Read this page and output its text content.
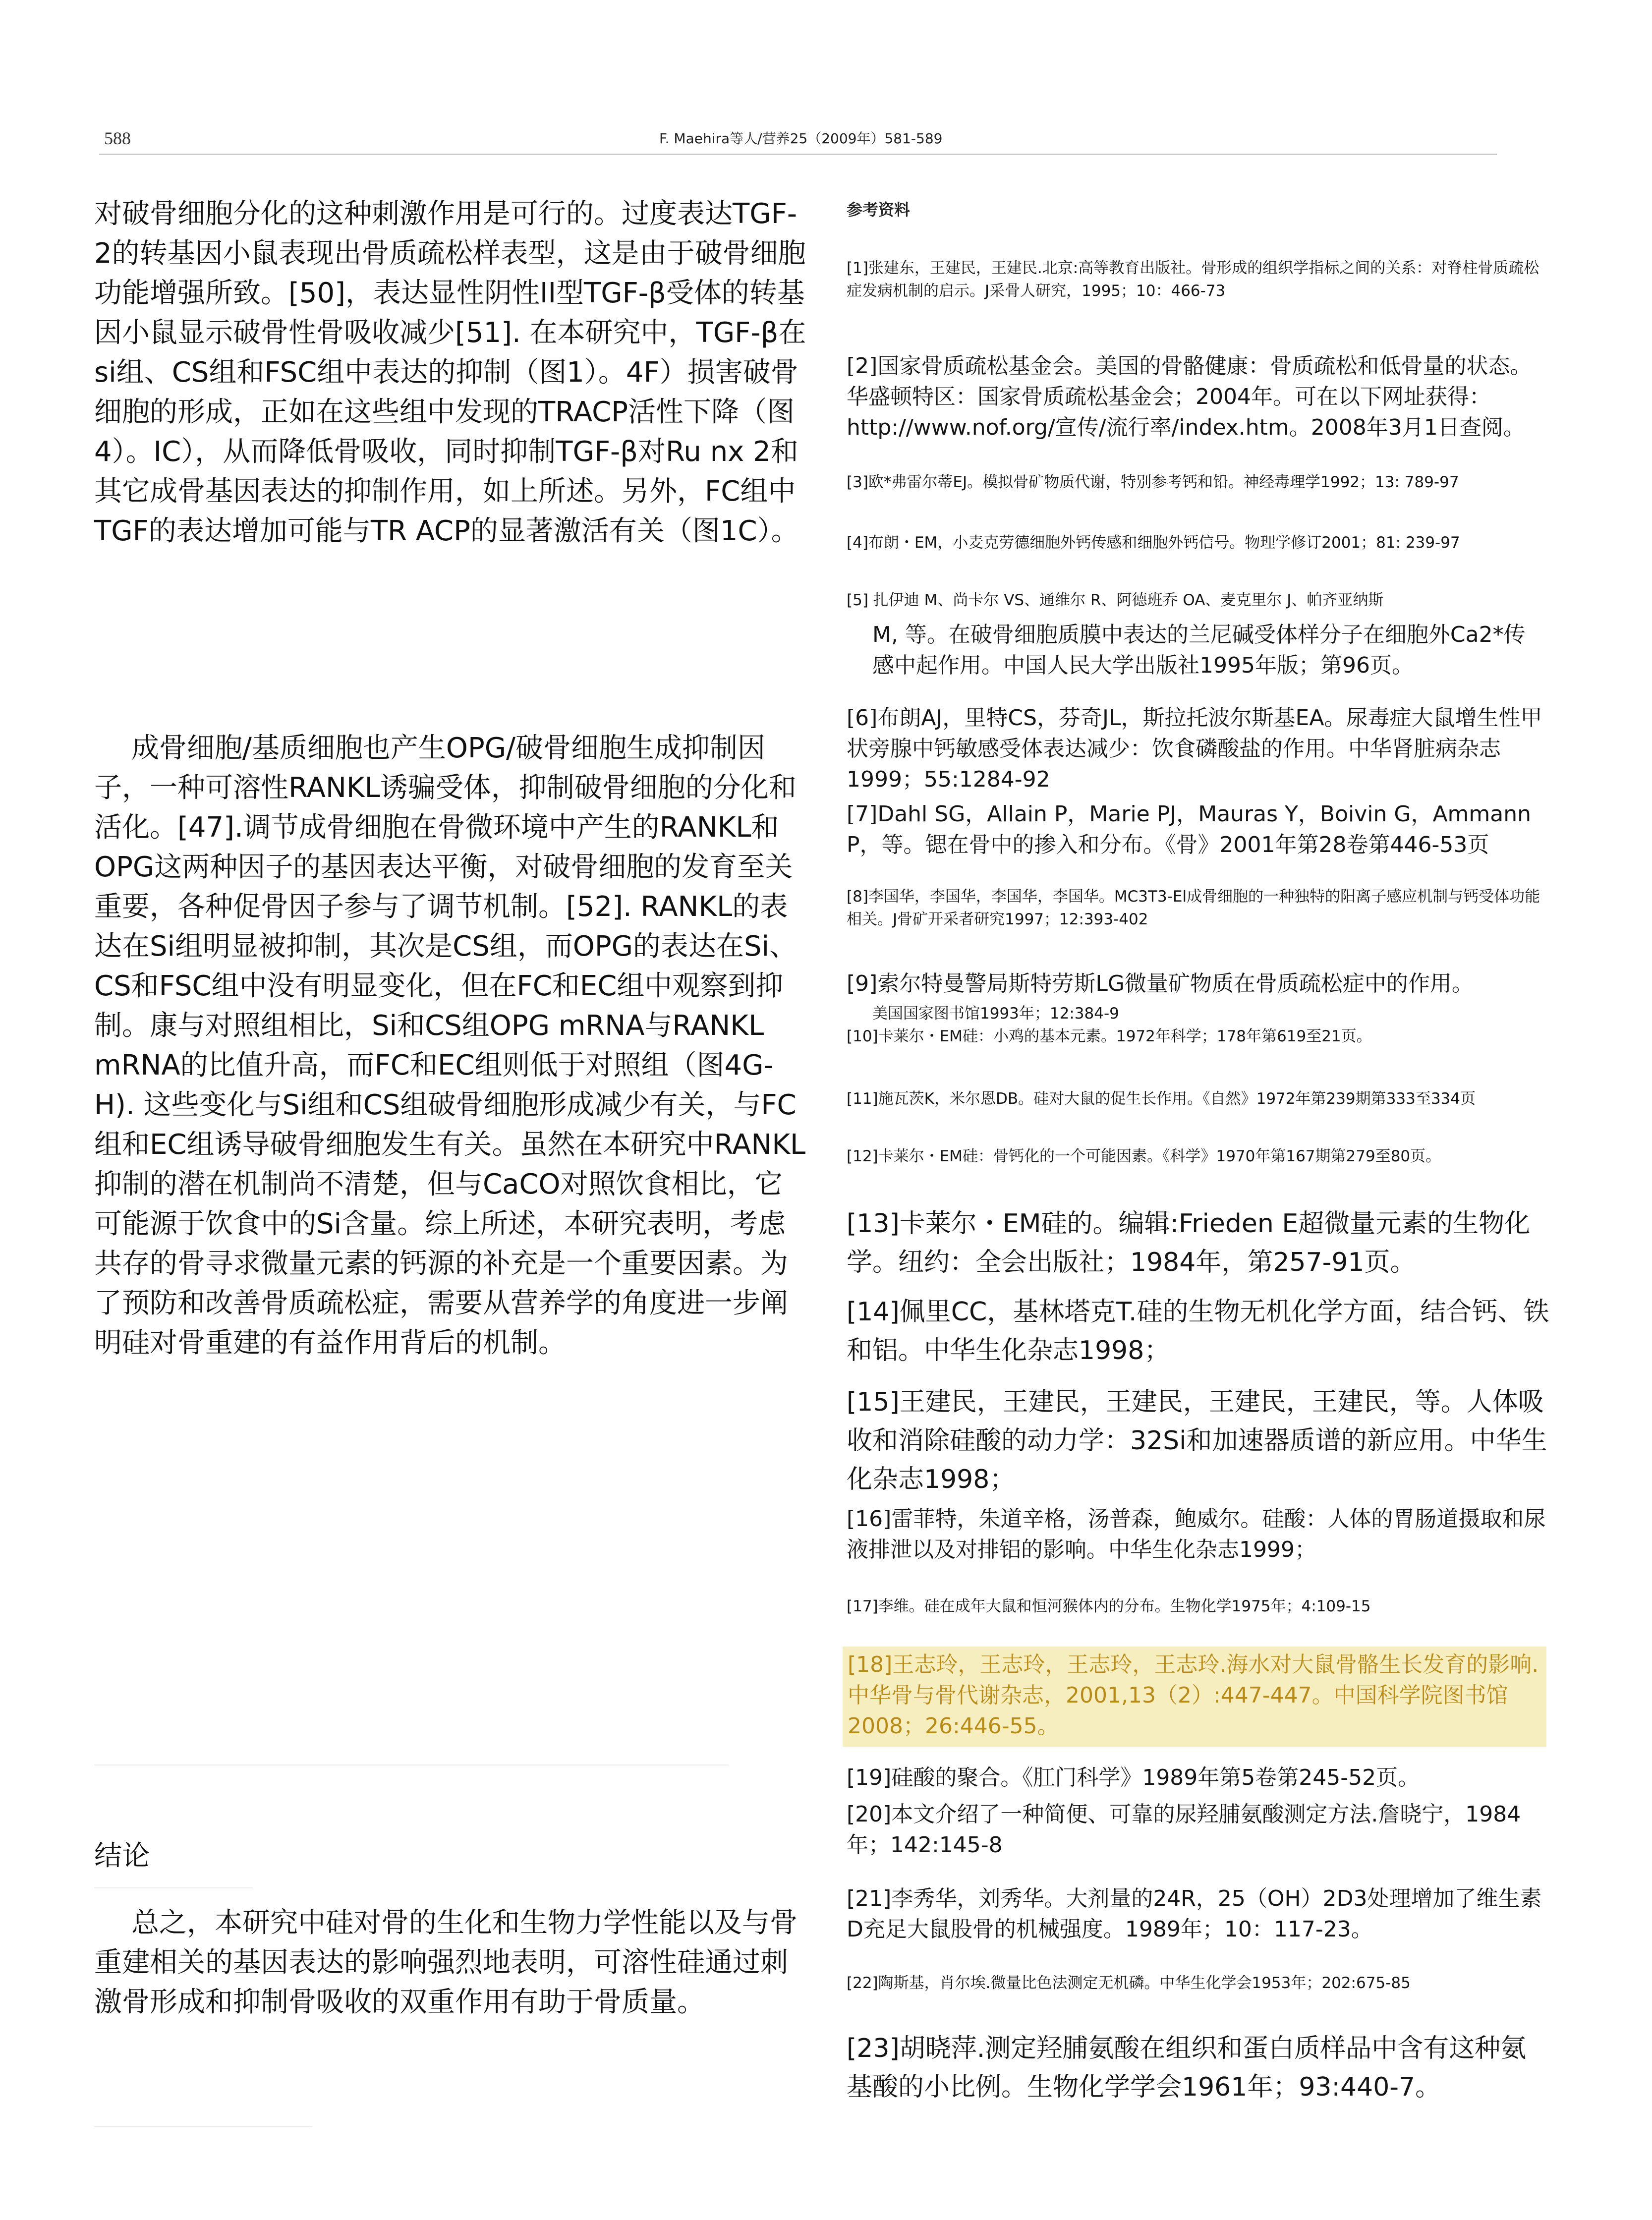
588	F. Maehira等人/营养25（2009年）581-589

对破骨细胞分化的这种刺激作用是可行的。过度表达TGF-2的转基因小鼠表现出骨质疏松样表型，这是由于破骨细胞功能增强所致。[50]，表达显性阴性II型TGF-β受体的转基因小鼠显示破骨性骨吸收减少[51]. 在本研究中，TGF-β在si组、CS组和FSC组中表达的抑制（图1）。4F）损害破骨细胞的形成，正如在这些组中发现的TRACP活性下降（图4）。IC），从而降低骨吸收，同时抑制TGF-β对Ru nx 2和其它成骨基因表达的抑制作用，如上所述。另外，FC组中TGF的表达增加可能与TR ACP的显著激活有关（图1C）。

成骨细胞/基质细胞也产生OPG/破骨细胞生成抑制因子，一种可溶性RANKL诱骗受体，抑制破骨细胞的分化和活化。[47].调节成骨细胞在骨微环境中产生的RANKL和OPG这两种因子的基因表达平衡，对破骨细胞的发育至关重要，各种促骨因子参与了调节机制。[52]. RANKL的表达在Si组明显被抑制，其次是CS组，而OPG的表达在Si、CS和FSC组中没有明显变化，但在FC和EC组中观察到抑制。康与对照组相比，Si和CS组OPG mRNA与RANKL mRNA的比值升高，而FC和EC组则低于对照组（图4G-H). 这些变化与Si组和CS组破骨细胞形成减少有关，与FC组和EC组诱导破骨细胞发生有关。虽然在本研究中RANKL抑制的潜在机制尚不清楚，但与CaCO对照饮食相比，它可能源于饮食中的Si含量。综上所述，本研究表明，考虑共存的骨寻求微量元素的钙源的补充是一个重要因素。为了预防和改善骨质疏松症，需要从营养学的角度进一步阐明硅对骨重建的有益作用背后的机制。

结论

总之，本研究中硅对骨的生化和生物力学性能以及与骨重建相关的基因表达的影响强烈地表明，可溶性硅通过刺激骨形成和抑制骨吸收的双重作用有助于骨质量。

参考资料

[1]张建东，王建民，王建民.北京:高等教育出版社。骨形成的组织学指标之间的关系：对脊柱骨质疏松症发病机制的启示。J采骨人研究，1995；10：466-73

[2]国家骨质疏松基金会。美国的骨骼健康：骨质疏松和低骨量的状态。华盛顿特区：国家骨质疏松基金会；2004年。可在以下网址获得：http://www.nof.org/宣传/流行率/index.htm。2008年3月1日查阅。

[3]欧*弗雷尔蒂EJ。模拟骨矿物质代谢，特别参考钙和铅。神经毒理学1992；13: 789-97

[4]布朗・EM，小麦克劳德细胞外钙传感和细胞外钙信号。物理学修订2001；81: 239-97

[5] 扎伊迪 M、尚卡尔 VS、通维尔 R、阿德班乔 OA、麦克里尔 J、帕齐亚纳斯

M, 等。在破骨细胞质膜中表达的兰尼碱受体样分子在细胞外Ca2*传感中起作用。中国人民大学出版社1995年版；第96页。

[6]布朗AJ，里特CS，芬奇JL，斯拉托波尔斯基EA。尿毒症大鼠增生性甲状旁腺中钙敏感受体表达减少：饮食磷酸盐的作用。中华肾脏病杂志1999；55:1284-92

[7]Dahl SG，Allain P，Marie PJ，Mauras Y，Boivin G，Ammann P，等。锶在骨中的掺入和分布。《骨》2001年第28卷第446-53页

[8]李国华，李国华，李国华，李国华。MC3T3-El成骨细胞的一种独特的阳离子感应机制与钙受体功能相关。J骨矿开采者研究1997；12:393-402

[9]索尔特曼警局斯特劳斯LG微量矿物质在骨质疏松症中的作用。

美国国家图书馆1993年；12:384-9

[10]卡莱尔・EM硅：小鸡的基本元素。1972年科学；178年第619至21页。

[11]施瓦茨K，米尔恩DB。硅对大鼠的促生长作用。《自然》1972年第239期第333至334页

[12]卡莱尔・EM硅：骨钙化的一个可能因素。《科学》1970年第167期第279至80页。

[13]卡莱尔・EM硅的。编辑:Frieden E超微量元素的生物化学。纽约：全会出版社；1984年，第257-91页。

[14]佩里CC，基林塔克T.硅的生物无机化学方面，结合钙、铁和铝。中华生化杂志1998；

[15]王建民，王建民，王建民，王建民，王建民，等。人体吸收和消除硅酸的动力学：32Si和加速器质谱的新应用。中华生化杂志1998；

[16]雷菲特，朱道辛格，汤普森，鲍威尔。硅酸：人体的胃肠道摄取和尿液排泄以及对排铝的影响。中华生化杂志1999；

[17]李维。硅在成年大鼠和恒河猴体内的分布。生物化学1975年；4:109-15

[18]王志玲，王志玲，王志玲，王志玲.海水对大鼠骨骼生长发育的影响.中华骨与骨代谢杂志，2001,13（2）:447-447。中国科学院图书馆2008；26:446-55。

[19]硅酸的聚合。《肛门科学》1989年第5卷第245-52页。

[20]本文介绍了一种简便、可靠的尿羟脯氨酸测定方法.詹晓宁，1984年；142:145-8

[21]李秀华，刘秀华。大剂量的24R，25（OH）2D3处理增加了维生素D充足大鼠股骨的机械强度。1989年；10：117-23。

[22]陶斯基，肖尔埃.微量比色法测定无机磷。中华生化学会1953年；202:675-85

[23]胡晓萍.测定羟脯氨酸在组织和蛋白质样品中含有这种氨基酸的小比例。生物化学学会1961年；93:440-7。
